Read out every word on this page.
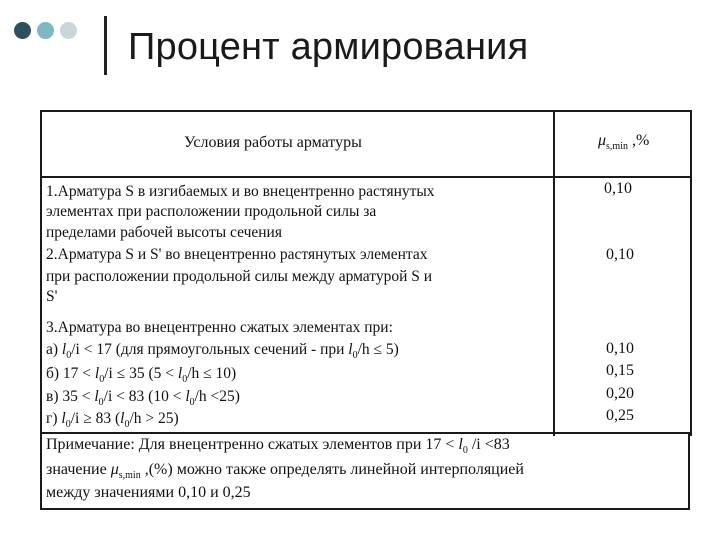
Процент армирования
Условия работы арматуры	$\mu_{s,min}$ ,%
1.Арматура S в изгибаемых и во внецентренно растянутых
элементах при расположении продольной силы за
пределами рабочей высоты сечения
2.Арматура S и S' во внецентренно растянутых элементах
при расположении продольной силы между арматурой S и
S'
3.Арматура во внецентренно сжатых элементах при:
а) $l_0/i < 17$ (для прямоугольных сечений - при $l_0/h \le 5$)
б) $17 < l_0/i \le 35$ $(5 < l_0/h \le 10)$
в) $35 < l_0/i < 83$ $(10 < l_0/h <25)$
г) $l_0/i \ge 83$ $(l_0/h > 25)$
0,10
0,10
0,10
0,15
0,20
0,25
Примечание: Для внецентренно сжатых элементов при $17 < l_0$ /i <83
значение $\mu_{s,min}$ ,(%) можно также определять линейной интерполяцией
между значениями 0,10 и 0,25
